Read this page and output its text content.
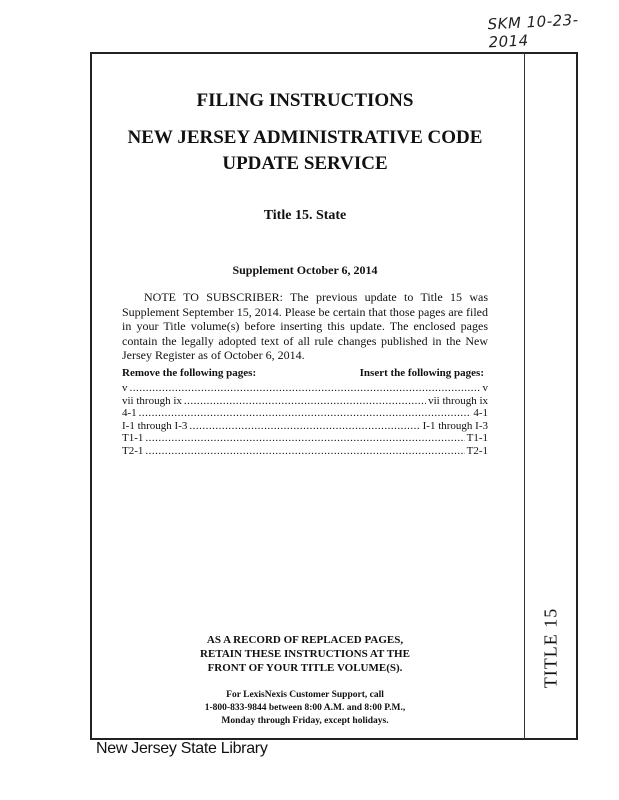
SKM 10-23-2014
TITLE 15
FILING INSTRUCTIONS
NEW JERSEY ADMINISTRATIVE CODE
UPDATE SERVICE
Title 15. State
Supplement October 6, 2014
NOTE TO SUBSCRIBER: The previous update to Title 15 was Supplement September 15, 2014. Please be certain that those pages are filed in your Title volume(s) before inserting this update. The enclosed pages contain the legally adopted text of all rule changes published in the New Jersey Register as of October 6, 2014.
Remove the following pages:	Insert the following pages:
v .....	v
vii through ix .....	vii through ix
4-1 .....	4-1
I-1 through I-3 .....	I-1 through I-3
T1-1 .....	T1-1
T2-1 .....	T2-1
AS A RECORD OF REPLACED PAGES,
RETAIN THESE INSTRUCTIONS AT THE
FRONT OF YOUR TITLE VOLUME(S).
For LexisNexis Customer Support, call
1-800-833-9844 between 8:00 A.M. and 8:00 P.M.,
Monday through Friday, except holidays.
New Jersey State Library
